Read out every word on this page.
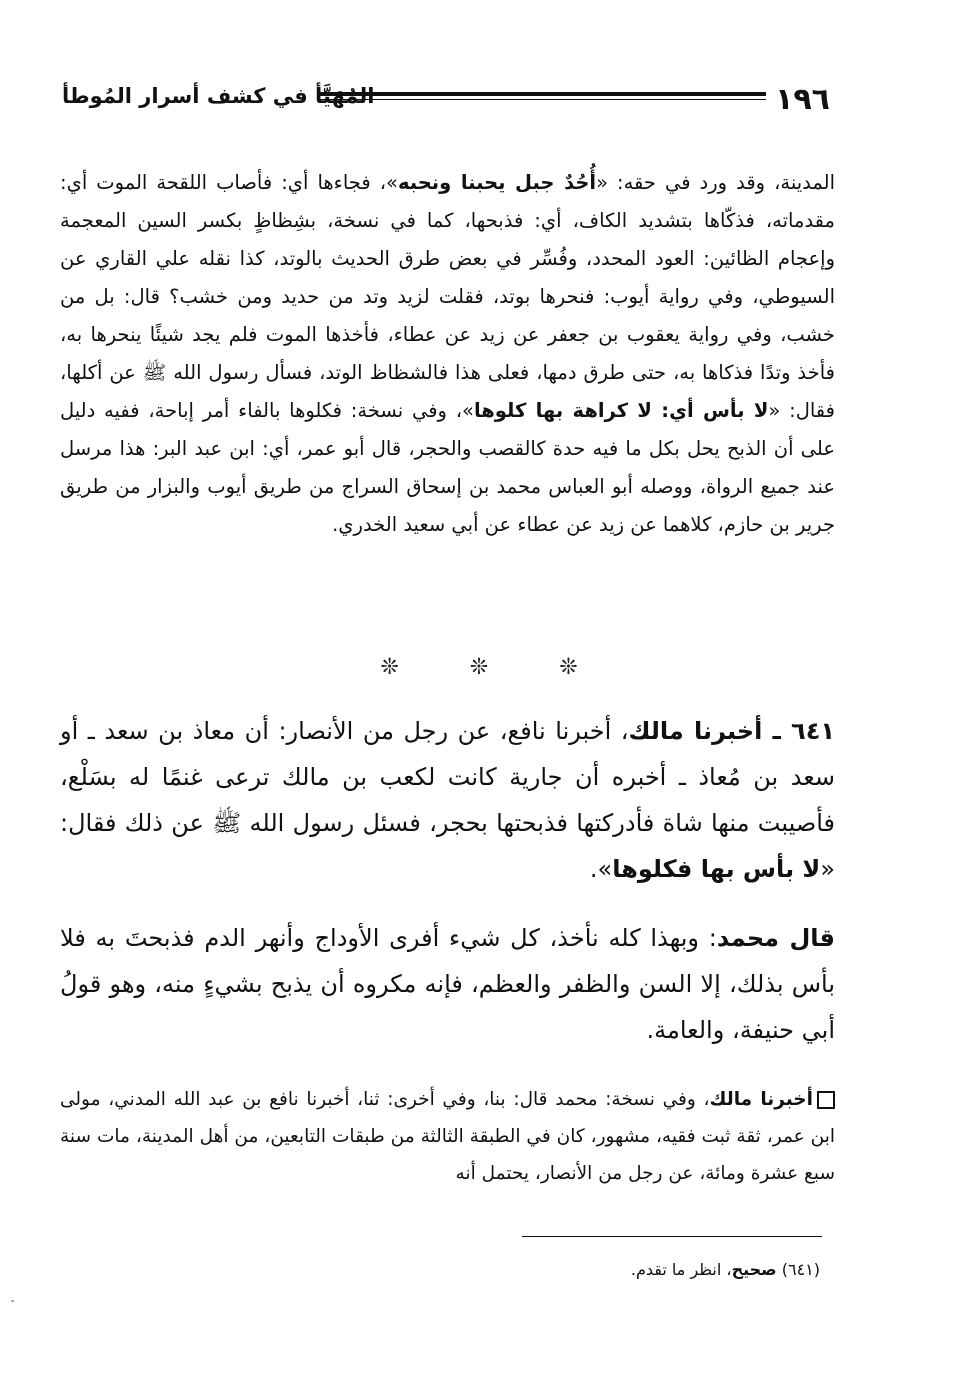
١٩٦
المُهَيَّأ في كشف أسرار المُوطأ

المدينة، وقد ورد في حقه: «أُحُدٌ جبل يحبنا ونحبه»، فجاءها أي: فأصاب اللقحة الموت أي: مقدماته، فذكّاها بتشديد الكاف، أي: فذبحها، كما في نسخة، بشِظاظٍ بكسر السين المعجمة وإعجام الظائين: العود المحدد، وفُسِّر في بعض طرق الحديث بالوتد، كذا نقله علي القاري عن السيوطي، وفي رواية أيوب: فنحرها بوتد، فقلت لزيد وتد من حديد ومن خشب؟ قال: بل من خشب، وفي رواية يعقوب بن جعفر عن زيد عن عطاء، فأخذها الموت فلم يجد شيئًا ينحرها به، فأخذ وتدًا فذكاها به، حتى طرق دمها، فعلى هذا فالشظاظ الوتد، فسأل رسول الله ﷺ عن أكلها، فقال: «لا بأس أي: لا كراهة بها كلوها»، وفي نسخة: فكلوها بالفاء أمر إباحة، ففيه دليل على أن الذبح يحل بكل ما فيه حدة كالقصب والحجر، قال أبو عمر، أي: ابن عبد البر: هذا مرسل عند جميع الرواة، ووصله أبو العباس محمد بن إسحاق السراج من طريق أيوب والبزار من طريق جرير بن حازم، كلاهما عن زيد عن عطاء عن أبي سعيد الخدري.

❊ ❊ ❊

٦٤١ ـ أخبرنا مالك، أخبرنا نافع، عن رجل من الأنصار: أن معاذ بن سعد ـ أو سعد بن مُعاذ ـ أخبره أن جارية كانت لكعب بن مالك ترعى غنمًا له بسَلْع، فأصيبت منها شاة فأدركتها فذبحتها بحجر، فسئل رسول الله ﷺ عن ذلك فقال: «لا بأس بها فكلوها».

قال محمد: وبهذا كله نأخذ، كل شيء أفرى الأوداج وأنهر الدم فذبحتَ به فلا بأس بذلك، إلا السن والظفر والعظم، فإنه مكروه أن يذبح بشيءٍ منه، وهو قولُ أبي حنيفة، والعامة.

أخبرنا مالك، وفي نسخة: محمد قال: بنا، وفي أخرى: ثنا، أخبرنا نافع بن عبد الله المدني، مولى ابن عمر، ثقة ثبت فقيه، مشهور، كان في الطبقة الثالثة من طبقات التابعين، من أهل المدينة، مات سنة سبع عشرة ومائة، عن رجل من الأنصار، يحتمل أنه

(٦٤١) صحيح، انظر ما تقدم.
ˇ
